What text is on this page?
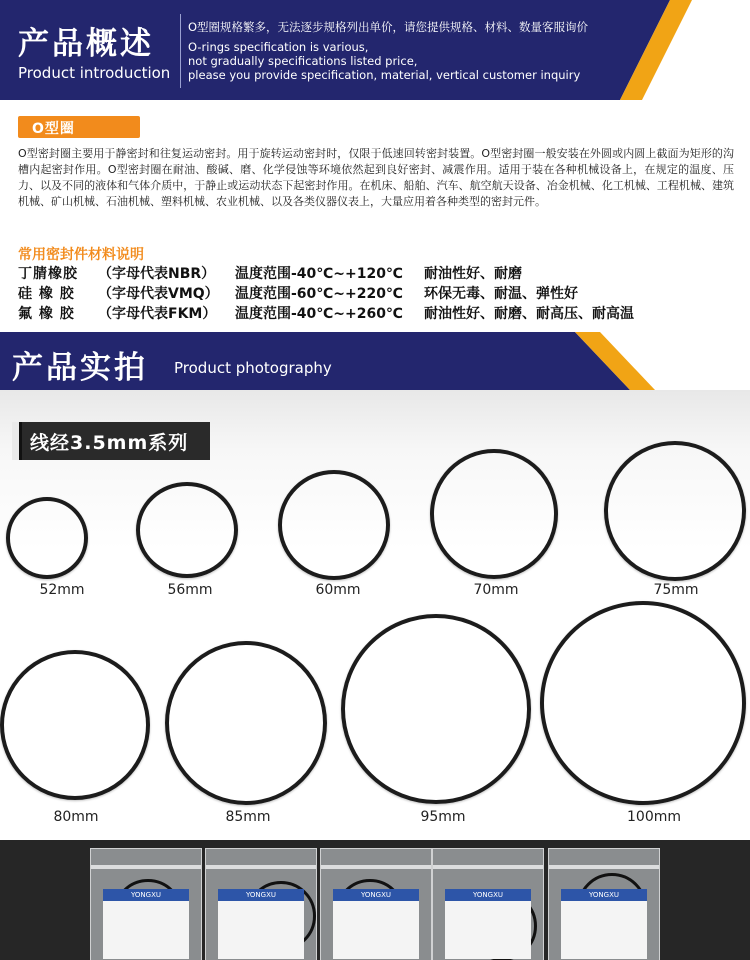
产品概述
Product introduction
O型圈规格繁多，无法逐步规格列出单价，请您提供规格、材料、数量客服询价
O-rings specification is various,
not gradually specifications listed price,
please you provide specification, material, vertical customer inquiry
O型圈
O型密封圈主要用于静密封和往复运动密封。用于旋转运动密封时，仅限于低速回转密封装置。O型密封圈一般安装在外圆或内圆上截面为矩形的沟槽内起密封作用。O型密封圈在耐油、酸碱、磨、化学侵蚀等环境依然起到良好密封、减震作用。适用于装在各种机械设备上，在规定的温度、压力、以及不同的液体和气体介质中，于静止或运动状态下起密封作用。在机床、船舶、汽车、航空航天设备、冶金机械、化工机械、工程机械、建筑机械、矿山机械、石油机械、塑料机械、农业机械、以及各类仪器仪表上，大量应用着各种类型的密封元件。
常用密封件材料说明
丁腈橡胶 （字母代表NBR） 温度范围-40℃~+120℃ 耐油性好、耐磨
硅 橡 胶 （字母代表VMQ） 温度范围-60℃~+220℃ 环保无毒、耐温、弹性好
氟 橡 胶 （字母代表FKM） 温度范围-40℃~+260℃ 耐油性好、耐磨、耐高压、耐高温
产品实拍 Product photography
线经3.5mm系列
52mm	56mm	60mm	70mm	75mm
80mm	85mm	95mm	100mm
YONGXU	YONGXU	YONGXU	YONGXU	YONGXU
